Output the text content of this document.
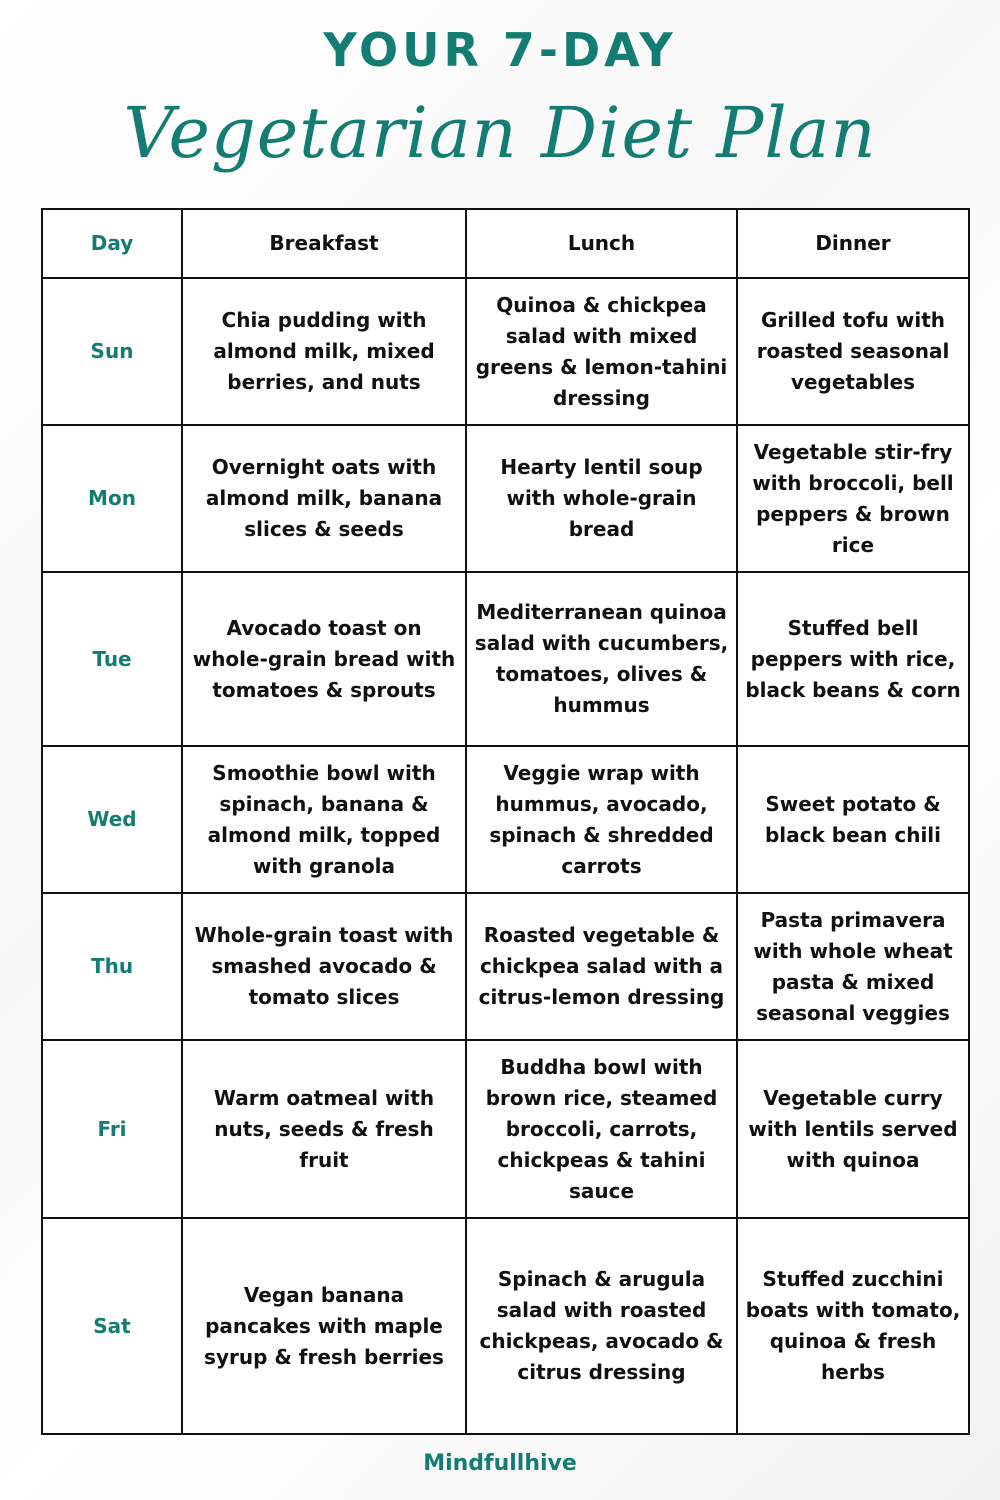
YOUR 7-DAY
Vegetarian Diet Plan
Day	Breakfast	Lunch	Dinner
Sun	Chia pudding with almond milk, mixed berries, and nuts	Quinoa & chickpea salad with mixed greens & lemon-tahini dressing	Grilled tofu with roasted seasonal vegetables
Mon	Overnight oats with almond milk, banana slices & seeds	Hearty lentil soup with whole-grain bread	Vegetable stir-fry with broccoli, bell peppers & brown rice
Tue	Avocado toast on whole-grain bread with tomatoes & sprouts	Mediterranean quinoa salad with cucumbers, tomatoes, olives & hummus	Stuffed bell peppers with rice, black beans & corn
Wed	Smoothie bowl with spinach, banana & almond milk, topped with granola	Veggie wrap with hummus, avocado, spinach & shredded carrots	Sweet potato & black bean chili
Thu	Whole-grain toast with smashed avocado & tomato slices	Roasted vegetable & chickpea salad with a citrus-lemon dressing	Pasta primavera with whole wheat pasta & mixed seasonal veggies
Fri	Warm oatmeal with nuts, seeds & fresh fruit	Buddha bowl with brown rice, steamed broccoli, carrots, chickpeas & tahini sauce	Vegetable curry with lentils served with quinoa
Sat	Vegan banana pancakes with maple syrup & fresh berries	Spinach & arugula salad with roasted chickpeas, avocado & citrus dressing	Stuffed zucchini boats with tomato, quinoa & fresh herbs
Mindfullhive
